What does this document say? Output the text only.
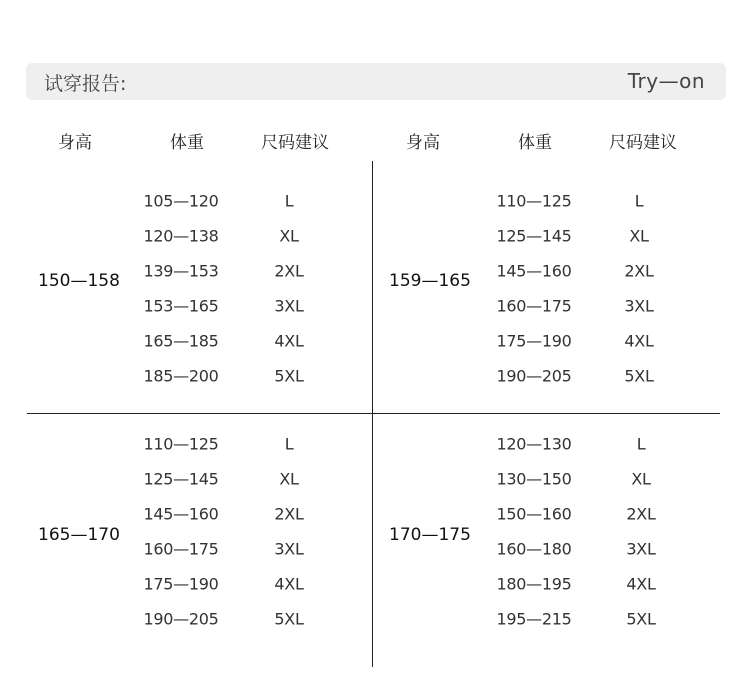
试穿报告:	Try—on
身高	体重	尺码建议	身高	体重	尺码建议
150—158
105—120	L
120—138	XL
139—153	2XL
153—165	3XL
165—185	4XL
185—200	5XL
159—165
110—125	L
125—145	XL
145—160	2XL
160—175	3XL
175—190	4XL
190—205	5XL
165—170
110—125	L
125—145	XL
145—160	2XL
160—175	3XL
175—190	4XL
190—205	5XL
170—175
120—130	L
130—150	XL
150—160	2XL
160—180	3XL
180—195	4XL
195—215	5XL
